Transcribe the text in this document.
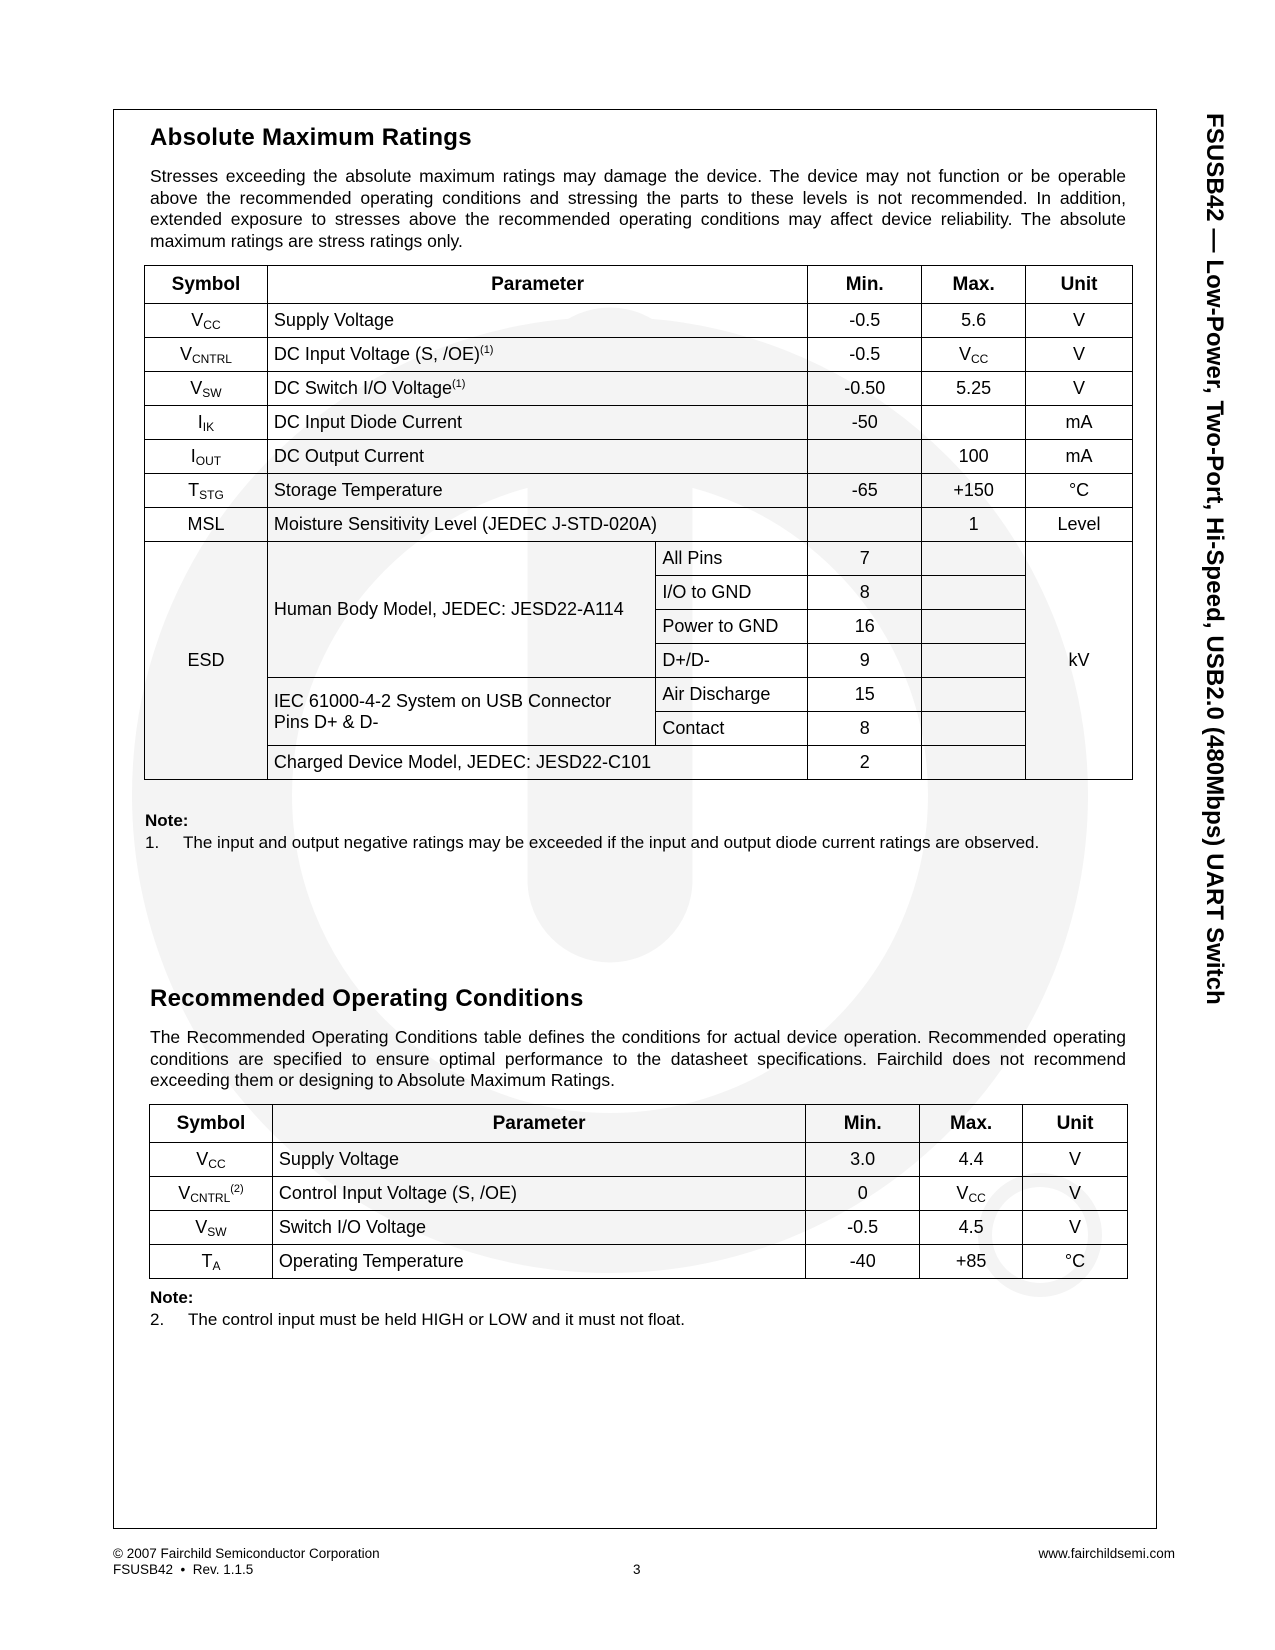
FSUSB42 — Low-Power, Two-Port, Hi-Speed, USB2.0 (480Mbps) UART Switch
Absolute Maximum Ratings

Stresses exceeding the absolute maximum ratings may damage the device. The device may not function or be operable above the recommended operating conditions and stressing the parts to these levels is not recommended. In addition, extended exposure to stresses above the recommended operating conditions may affect device reliability. The absolute maximum ratings are stress ratings only.

Symbol	Parameter		Min.	Max.	Unit
$V_{CC}$	Supply Voltage		-0.5	5.6	V
$V_{CNTRL}$	DC Input Voltage (S, /OE)$^{(1)}$		-0.5	$V_{CC}$	V
$V_{SW}$	DC Switch I/O Voltage$^{(1)}$		-0.50	5.25	V
$I_{IK}$	DC Input Diode Current		-50		mA
$I_{OUT}$	DC Output Current			100	mA
$T_{STG}$	Storage Temperature		-65	+150	°C
MSL	Moisture Sensitivity Level (JEDEC J-STD-020A)			1	Level
ESD	Human Body Model, JEDEC: JESD22-A114	All Pins	7		kV
		I/O to GND	8		
		Power to GND	16		
		D+/D-	9		
	IEC 61000-4-2 System on USB Connector Pins D+ & D-	Air Discharge	15		
		Contact	8		
	Charged Device Model, JEDEC: JESD22-C101		2		
Note:
1. The input and output negative ratings may be exceeded if the input and output diode current ratings are observed.
Recommended Operating Conditions

The Recommended Operating Conditions table defines the conditions for actual device operation. Recommended operating conditions are specified to ensure optimal performance to the datasheet specifications. Fairchild does not recommend exceeding them or designing to Absolute Maximum Ratings.

Symbol	Parameter	Min.	Max.	Unit
$V_{CC}$	Supply Voltage	3.0	4.4	V
$V_{CNTRL}^{(2)}$	Control Input Voltage (S, /OE)	0	$V_{CC}$	V
$V_{SW}$	Switch I/O Voltage	-0.5	4.5	V
$T_A$	Operating Temperature	-40	+85	°C
Note:
2. The control input must be held HIGH or LOW and it must not float.
© 2007 Fairchild Semiconductor Corporation
FSUSB42  •  Rev. 1.1.5	3
www.fairchildsemi.com
